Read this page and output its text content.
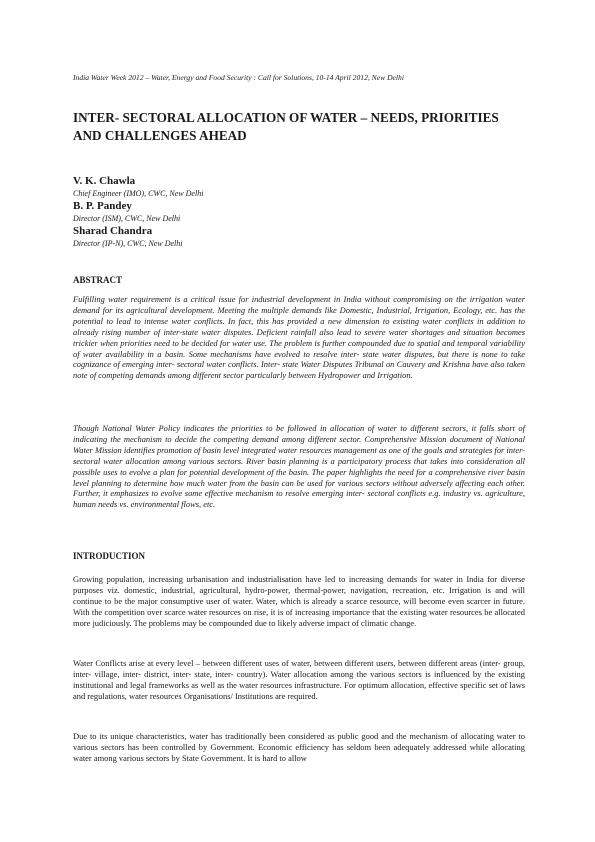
India Water Week 2012 – Water, Energy and Food Security : Call for Solutions, 10-14 April 2012, New Delhi
INTER- SECTORAL ALLOCATION OF WATER – NEEDS, PRIORITIES AND CHALLENGES AHEAD
V. K. Chawla
Chief Engineer (IMO), CWC, New Delhi
B. P. Pandey
Director (ISM), CWC, New Delhi
Sharad Chandra
Director (IP-N), CWC, New Delhi
ABSTRACT

Fulfilling water requirement is a critical issue for industrial development in India without compromising on the irrigation water demand for its agricultural development. Meeting the multiple demands like Domestic, Industrial, Irrigation, Ecology, etc. has the potential to lead to intense water conflicts. In fact, this has provided a new dimension to existing water conflicts in addition to already rising number of inter-state water disputes. Deficient rainfall also lead to severe water shortages and situation becomes trickier when priorities need to be decided for water use. The problem is further compounded due to spatial and temporal variability of water availability in a basin. Some mechanisms have evolved to resolve inter- state water disputes, but there is none to take cognizance of emerging inter- sectoral water conflicts. Inter- state Water Disputes Tribunal on Cauvery and Krishna have also taken note of competing demands among different sector particularly between Hydropower and Irrigation.

Though National Water Policy indicates the priorities to be followed in allocation of water to different sectors, it falls short of indicating the mechanism to decide the competing demand among different sector. Comprehensive Mission document of National Water Mission identifies promotion of basin level integrated water resources management as one of the goals and strategies for inter- sectoral water allocation among various sectors. River basin planning is a participatory process that takes into consideration all possible uses to evolve a plan for potential development of the basin. The paper highlights the need for a comprehensive river basin level planning to determine how much water from the basin can be used for various sectors without adversely affecting each other. Further, it emphasizes to evolve some effective mechanism to resolve emerging inter- sectoral conflicts e.g. industry vs. agriculture, human needs vs. environmental flows, etc.

INTRODUCTION

Growing population, increasing urbanisation and industrialisation have led to increasing demands for water in India for diverse purposes viz. domestic, industrial, agricultural, hydro-power, thermal-power, navigation, recreation, etc. Irrigation is and will continue to be the major consumptive user of water. Water, which is already a scarce resource, will become even scarcer in future. With the competition over scarce water resources on rise, it is of increasing importance that the existing water resources be allocated more judiciously. The problems may be compounded due to likely adverse impact of climatic change.

Water Conflicts arise at every level – between different uses of water, between different users, between different areas (inter- group, inter- village, inter- district, inter- state, inter- country). Water allocation among the various sectors is influenced by the existing institutional and legal frameworks as well as the water resources infrastructure. For optimum allocation, effective specific set of laws and regulations, water resources Organisations/ Institutions are required.

Due to its unique characteristics, water has traditionally been considered as public good and the mechanism of allocating water to various sectors has been controlled by Government. Economic efficiency has seldom been adequately addressed while allocating water among various sectors by State Government. It is hard to allow
